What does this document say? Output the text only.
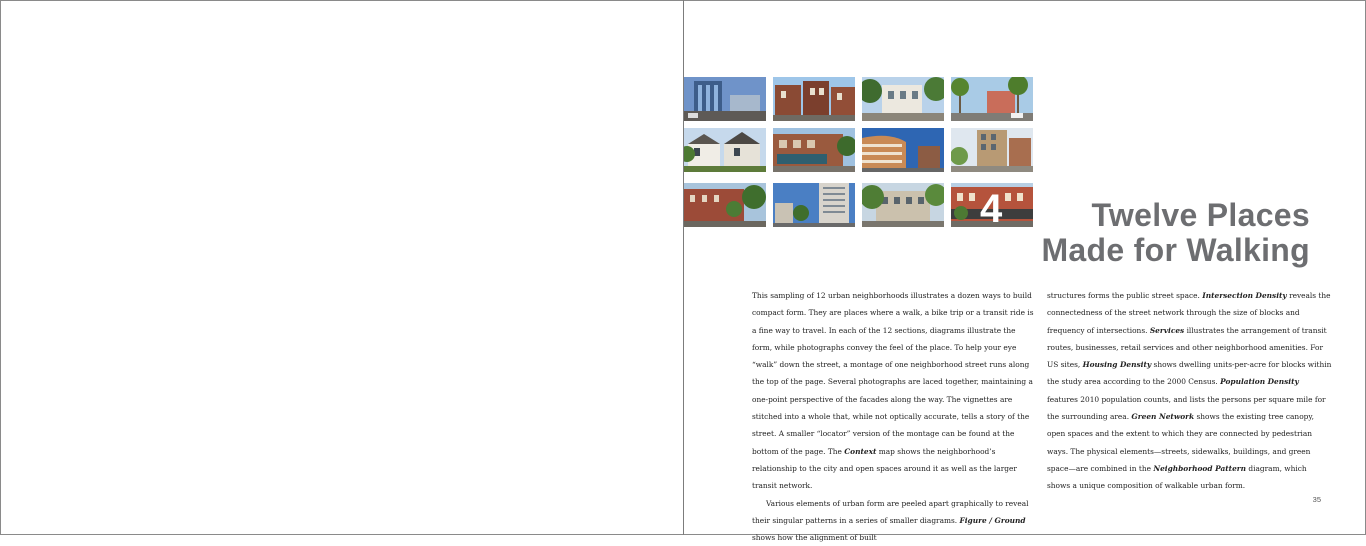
4	Twelve Places
Made for Walking

This sampling of 12 urban neighborhoods illustrates a dozen ways to build compact form. They are places where a walk, a bike trip or a transit ride is a fine way to travel. In each of the 12 sections, diagrams illustrate the form, while photographs convey the feel of the place. To help your eye “walk” down the street, a montage of one neighborhood street runs along the top of the page. Several photographs are laced together, maintaining a one-point perspective of the facades along the way. The vignettes are stitched into a whole that, while not optically accurate, tells a story of the street. A smaller “locator” version of the montage can be found at the bottom of the page. The Context map shows the neighborhood’s relationship to the city and open spaces around it as well as the larger transit network.

Various elements of urban form are peeled apart graphically to reveal their singular patterns in a series of smaller diagrams. Figure / Ground shows how the alignment of built

structures forms the public street space. Intersection Density reveals the connectedness of the street network through the size of blocks and frequency of intersections. Services illustrates the arrangement of transit routes, businesses, retail services and other neighborhood amenities. For US sites, Housing Density shows dwelling units-per-acre for blocks within the study area according to the 2000 Census. Population Density features 2010 population counts, and lists the persons per square mile for the surrounding area. Green Network shows the existing tree canopy, open spaces and the extent to which they are connected by pedestrian ways. The physical elements—streets, sidewalks, buildings, and green space—are combined in the Neighborhood Pattern diagram, which shows a unique composition of walkable urban form.

35
